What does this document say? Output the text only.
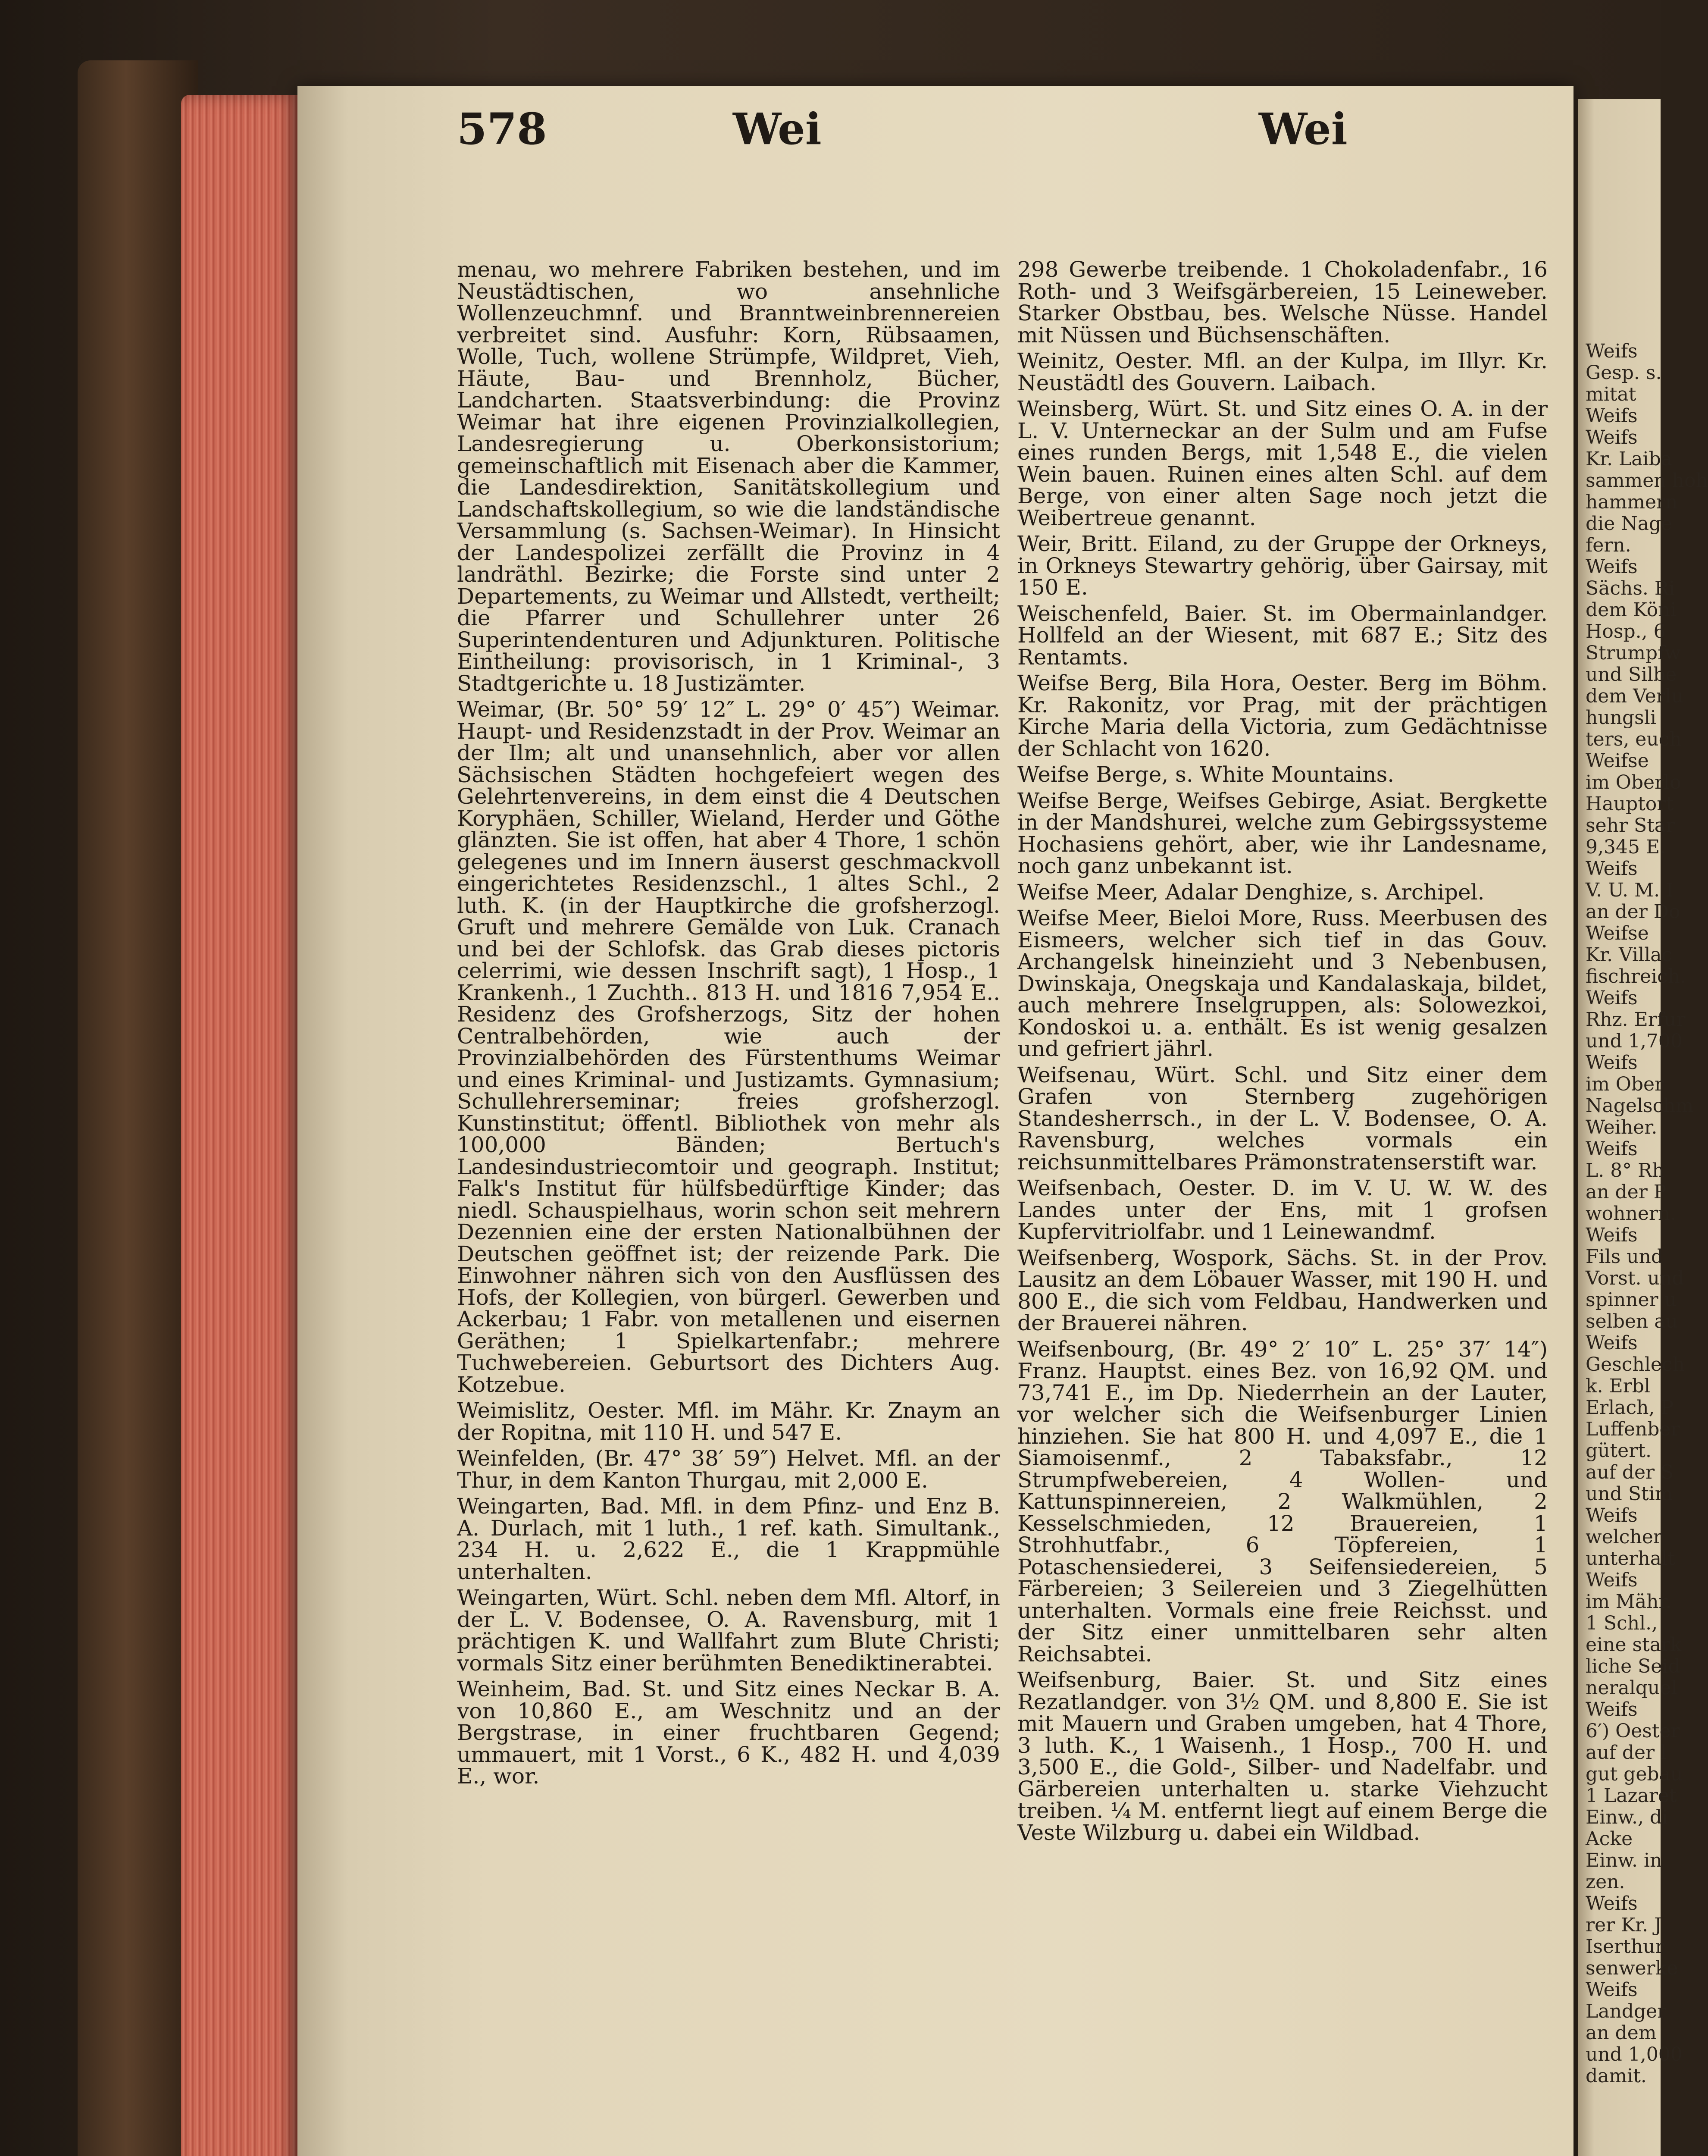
Weifs
Gesp. s.
mitat
Weifs
Weifs
Kr. Laiba
sammen hoh
hammern
die Nage
fern.
Weifs
Sächs. Ri
dem Köni
Hosp., 6
Strumpfw
und Silbe
dem Verlu
hungsli
ters, euch
Weifse
im Oberlo
Hauptort
sehr Star
9,345 E.
Weifs
V. U. M. I
an der Do
Weifse
Kr. Villac
fischreich.
Weifs
Rhz. Erfur
und 1,700
Weifs
im Ober
Nagelschm
Weiher.
Weifs
L. 8° Rh
an der P
wohnern.
Weifs
Fils und
Vorst. und
spinner u
selben au
Weifs
Geschlech
k. Erbl
Erlach, P
Luffenber
gütert.
auf der S
und Stim
Weifs
welcher
unterhalt
Weifs
im Mähr.
1 Schl.,
eine stark
liche Seid
neralquel
Weifs
6′) Oester
auf der l
gut gebau
1 Lazaret
Einw., di
Acke
Einw. in
zen.
Weifs
rer Kr. J
Iserthur
senwerke
Weifs
Landger
an dem
und 1,000
damit.
578	Wei	Wei

menau, wo mehrere Fabriken bestehen, und im Neustädtischen, wo ansehnliche Wollenzeuchmnf. und Branntweinbrennereien verbreitet sind. Ausfuhr: Korn, Rübsaamen, Wolle, Tuch, wollene Strümpfe, Wildpret, Vieh, Häute, Bau- und Brennholz, Bücher, Landcharten. Staatsverbindung: die Provinz Weimar hat ihre eigenen Provinzialkollegien, Landesregierung u. Oberkonsistorium; gemeinschaftlich mit Eisenach aber die Kammer, die Landesdirektion, Sanitätskollegium und Landschaftskollegium, so wie die landständische Versammlung (s. Sachsen-Weimar). In Hinsicht der Landespolizei zerfällt die Provinz in 4 landräthl. Bezirke; die Forste sind unter 2 Departements, zu Weimar und Allstedt, vertheilt; die Pfarrer und Schullehrer unter 26 Superintendenturen und Adjunkturen. Politische Eintheilung: provisorisch, in 1 Kriminal-, 3 Stadtgerichte u. 18 Justizämter.

Weimar, (Br. 50° 59′ 12″ L. 29° 0′ 45″) Weimar. Haupt- und Residenzstadt in der Prov. Weimar an der Ilm; alt und unansehnlich, aber vor allen Sächsischen Städten hochgefeiert wegen des Gelehrtenvereins, in dem einst die 4 Deutschen Koryphäen, Schiller, Wieland, Herder und Göthe glänzten. Sie ist offen, hat aber 4 Thore, 1 schön gelegenes und im Innern äuserst geschmackvoll eingerichtetes Residenzschl., 1 altes Schl., 2 luth. K. (in der Hauptkirche die grofsherzogl. Gruft und mehrere Gemälde von Luk. Cranach und bei der Schlofsk. das Grab dieses pictoris celerrimi, wie dessen Inschrift sagt), 1 Hosp., 1 Krankenh., 1 Zuchth.. 813 H. und 1816 7,954 E.. Residenz des Grofsherzogs, Sitz der hohen Centralbehörden, wie auch der Provinzialbehörden des Fürstenthums Weimar und eines Kriminal- und Justizamts. Gymnasium; Schullehrerseminar; freies grofsherzogl. Kunstinstitut; öffentl. Bibliothek von mehr als 100,000 Bänden; Bertuch's Landesindustriecomtoir und geograph. Institut; Falk's Institut für hülfsbedürftige Kinder; das niedl. Schauspielhaus, worin schon seit mehrern Dezennien eine der ersten Nationalbühnen der Deutschen geöffnet ist; der reizende Park. Die Einwohner nähren sich von den Ausflüssen des Hofs, der Kollegien, von bürgerl. Gewerben und Ackerbau; 1 Fabr. von metallenen und eisernen Geräthen; 1 Spielkartenfabr.; mehrere Tuchwebereien. Geburtsort des Dichters Aug. Kotzebue.

Weimislitz, Oester. Mfl. im Mähr. Kr. Znaym an der Ropitna, mit 110 H. und 547 E.

Weinfelden, (Br. 47° 38′ 59″) Helvet. Mfl. an der Thur, in dem Kanton Thurgau, mit 2,000 E.

Weingarten, Bad. Mfl. in dem Pfinz- und Enz B. A. Durlach, mit 1 luth., 1 ref. kath. Simultank., 234 H. u. 2,622 E., die 1 Krappmühle unterhalten.

Weingarten, Würt. Schl. neben dem Mfl. Altorf, in der L. V. Bodensee, O. A. Ravensburg, mit 1 prächtigen K. und Wallfahrt zum Blute Christi; vormals Sitz einer berühmten Benediktinerabtei.

Weinheim, Bad. St. und Sitz eines Neckar B. A. von 10,860 E., am Weschnitz und an der Bergstrase, in einer fruchtbaren Gegend; ummauert, mit 1 Vorst., 6 K., 482 H. und 4,039 E., wor.

298 Gewerbe treibende. 1 Chokoladenfabr., 16 Roth- und 3 Weifsgärbereien, 15 Leineweber. Starker Obstbau, bes. Welsche Nüsse. Handel mit Nüssen und Büchsenschäften.

Weinitz, Oester. Mfl. an der Kulpa, im Illyr. Kr. Neustädtl des Gouvern. Laibach.

Weinsberg, Würt. St. und Sitz eines O. A. in der L. V. Unterneckar an der Sulm und am Fufse eines runden Bergs, mit 1,548 E., die vielen Wein bauen. Ruinen eines alten Schl. auf dem Berge, von einer alten Sage noch jetzt die Weibertreue genannt.

Weir, Britt. Eiland, zu der Gruppe der Orkneys, in Orkneys Stewartry gehörig, über Gairsay, mit 150 E.

Weischenfeld, Baier. St. im Obermainlandger. Hollfeld an der Wiesent, mit 687 E.; Sitz des Rentamts.

Weifse Berg, Bila Hora, Oester. Berg im Böhm. Kr. Rakonitz, vor Prag, mit der prächtigen Kirche Maria della Victoria, zum Gedächtnisse der Schlacht von 1620.

Weifse Berge, s. White Mountains.

Weifse Berge, Weifses Gebirge, Asiat. Bergkette in der Mandshurei, welche zum Gebirgssysteme Hochasiens gehört, aber, wie ihr Landesname, noch ganz unbekannt ist.

Weifse Meer, Adalar Denghize, s. Archipel.

Weifse Meer, Bieloi More, Russ. Meerbusen des Eismeers, welcher sich tief in das Gouv. Archangelsk hineinzieht und 3 Nebenbusen, Dwinskaja, Onegskaja und Kandalaskaja, bildet, auch mehrere Inselgruppen, als: Solowezkoi, Kondoskoi u. a. enthält. Es ist wenig gesalzen und gefriert jährl.

Weifsenau, Würt. Schl. und Sitz einer dem Grafen von Sternberg zugehörigen Standesherrsch., in der L. V. Bodensee, O. A. Ravensburg, welches vormals ein reichsunmittelbares Prämonstratenserstift war.

Weifsenbach, Oester. D. im V. U. W. W. des Landes unter der Ens, mit 1 grofsen Kupfervitriolfabr. und 1 Leinewandmf.

Weifsenberg, Wospork, Sächs. St. in der Prov. Lausitz an dem Löbauer Wasser, mit 190 H. und 800 E., die sich vom Feldbau, Handwerken und der Brauerei nähren.

Weifsenbourg, (Br. 49° 2′ 10″ L. 25° 37′ 14″) Franz. Hauptst. eines Bez. von 16,92 QM. und 73,741 E., im Dp. Niederrhein an der Lauter, vor welcher sich die Weifsenburger Linien hinziehen. Sie hat 800 H. und 4,097 E., die 1 Siamoisenmf., 2 Tabaksfabr., 12 Strumpfwebereien, 4 Wollen- und Kattunspinnereien, 2 Walkmühlen, 2 Kesselschmieden, 12 Brauereien, 1 Strohhutfabr., 6 Töpfereien, 1 Potaschensiederei, 3 Seifensiedereien, 5 Färbereien; 3 Seilereien und 3 Ziegelhütten unterhalten. Vormals eine freie Reichsst. und der Sitz einer unmittelbaren sehr alten Reichsabtei.

Weifsenburg, Baier. St. und Sitz eines Rezatlandger. von 3½ QM. und 8,800 E. Sie ist mit Mauern und Graben umgeben, hat 4 Thore, 3 luth. K., 1 Waisenh., 1 Hosp., 700 H. und 3,500 E., die Gold-, Silber- und Nadelfabr. und Gärbereien unterhalten u. starke Viehzucht treiben. ¼ M. entfernt liegt auf einem Berge die Veste Wilzburg u. dabei ein Wildbad.
